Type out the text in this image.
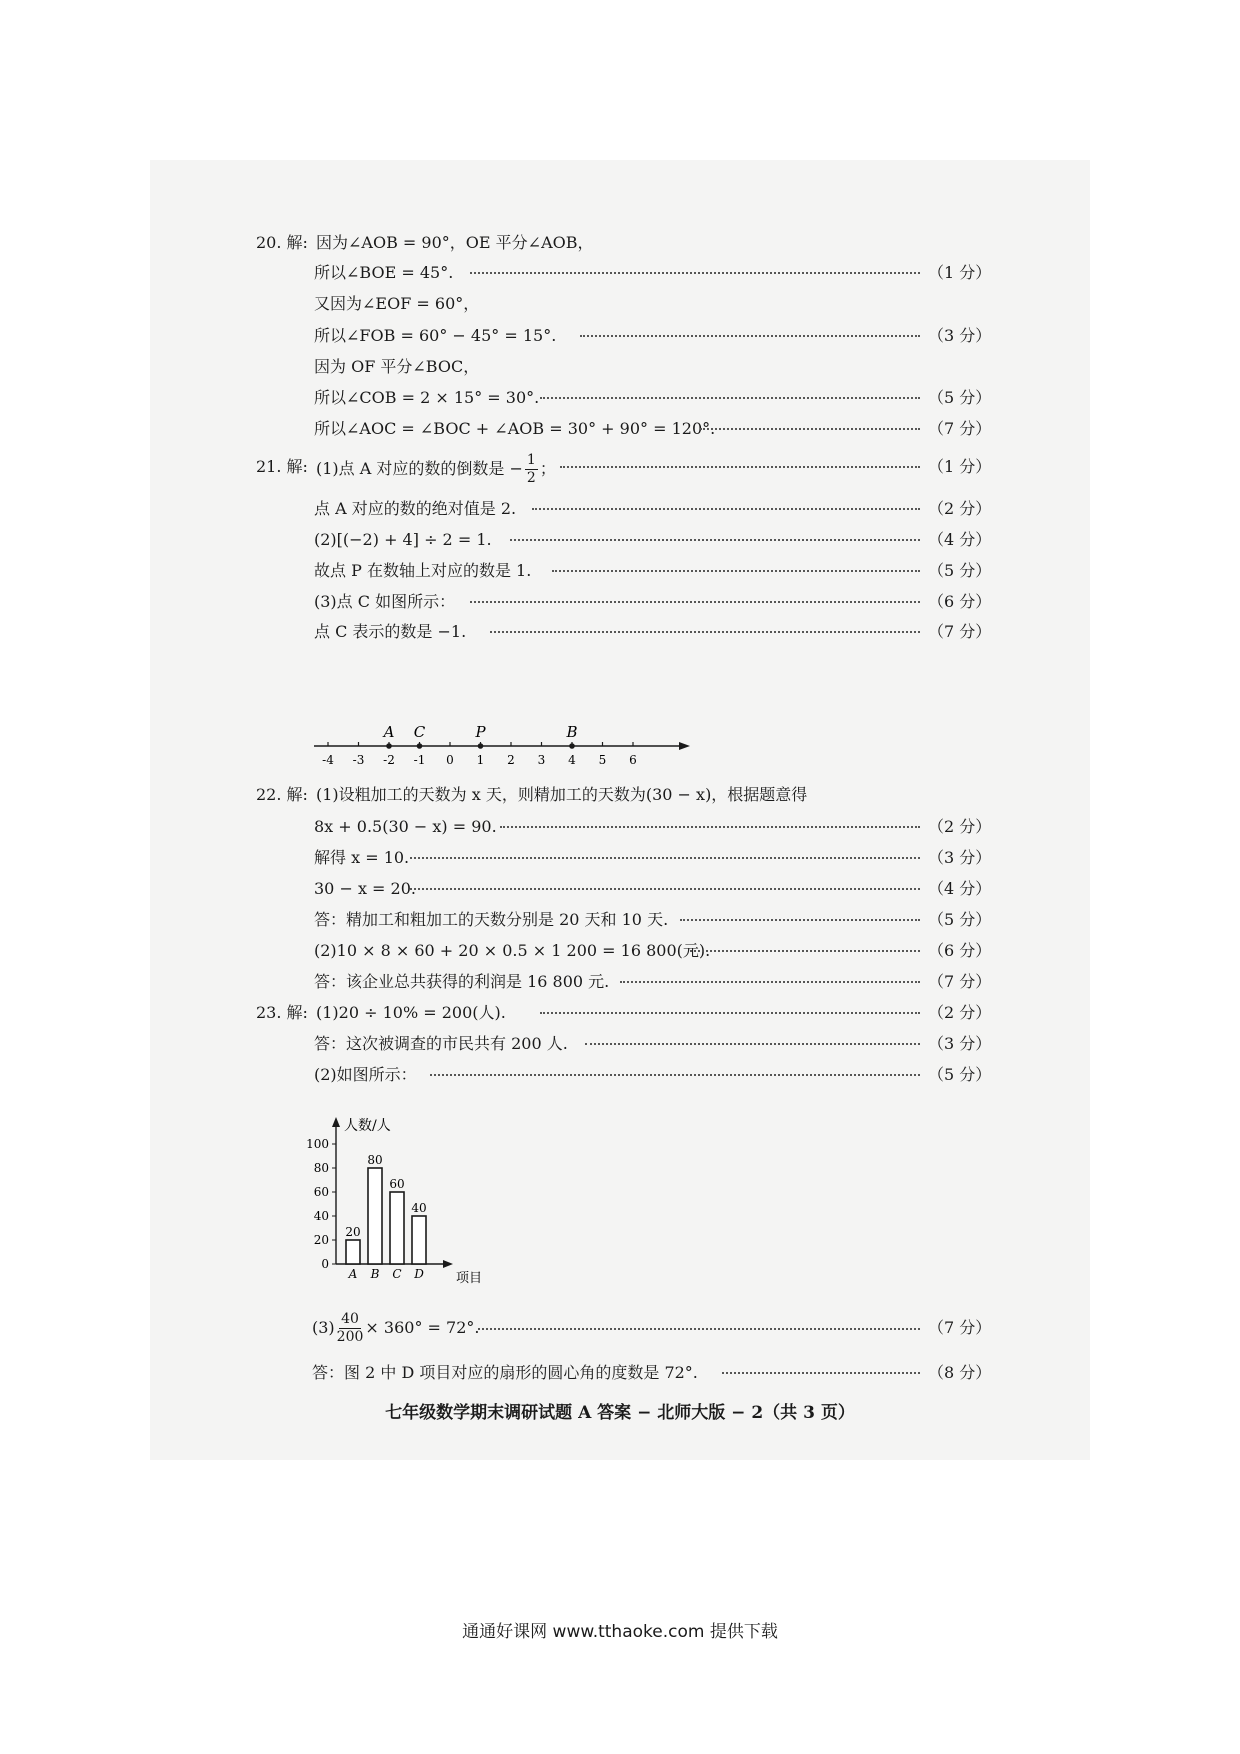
20. 解: 因为∠AOB = 90°，OE 平分∠AOB，
所以∠BOE = 45°.	（1 分）
又因为∠EOF = 60°，
所以∠FOB = 60° − 45° = 15°.	（3 分）
因为 OF 平分∠BOC，
所以∠COB = 2 × 15° = 30°.	（5 分）
所以∠AOC = ∠BOC + ∠AOB = 30° + 90° = 120°.	（7 分）
21. 解: (1)点 A 对应的数的倒数是 − $\frac{1}{2}$ ；	（1 分）
点 A 对应的数的绝对值是 2.	（2 分）
(2)[(−2) + 4] ÷ 2 = 1.	（4 分）
故点 P 在数轴上对应的数是 1.	（5 分）
(3)点 C 如图所示：	（6 分）
点 C 表示的数是 −1.	（7 分）
-4 -3 -2 -1 0 1 2 3 4 5 6
A C	P	B
22. 解: (1)设粗加工的天数为 x 天，则精加工的天数为(30 − x)，根据题意得
8x + 0.5(30 − x) = 90.	（2 分）
解得 x = 10.	（3 分）
30 − x = 20.	（4 分）
答：精加工和粗加工的天数分别是 20 天和 10 天.	（5 分）
(2)10 × 8 × 60 + 20 × 0.5 × 1 200 = 16 800(元).	（6 分）
答：该企业总共获得的利润是 16 800 元.	（7 分）
23. 解: (1)20 ÷ 10% = 200(人).	（2 分）
答：这次被调查的市民共有 200 人.	（3 分）
(2)如图所示：	（5 分）
人数/人
项目
0
20
40
60
80
100
20
A
80
B
60
C
40
D
$(3) \frac{40}{200} \times 360^\circ = 72^\circ$.	（7 分）
答：图 2 中 D 项目对应的扇形的圆心角的度数是 72°.	（8 分）
七年级数学期末调研试题 A 答案 − 北师大版 − 2（共 3 页）
通通好课网 www.tthaoke.com 提供下载
